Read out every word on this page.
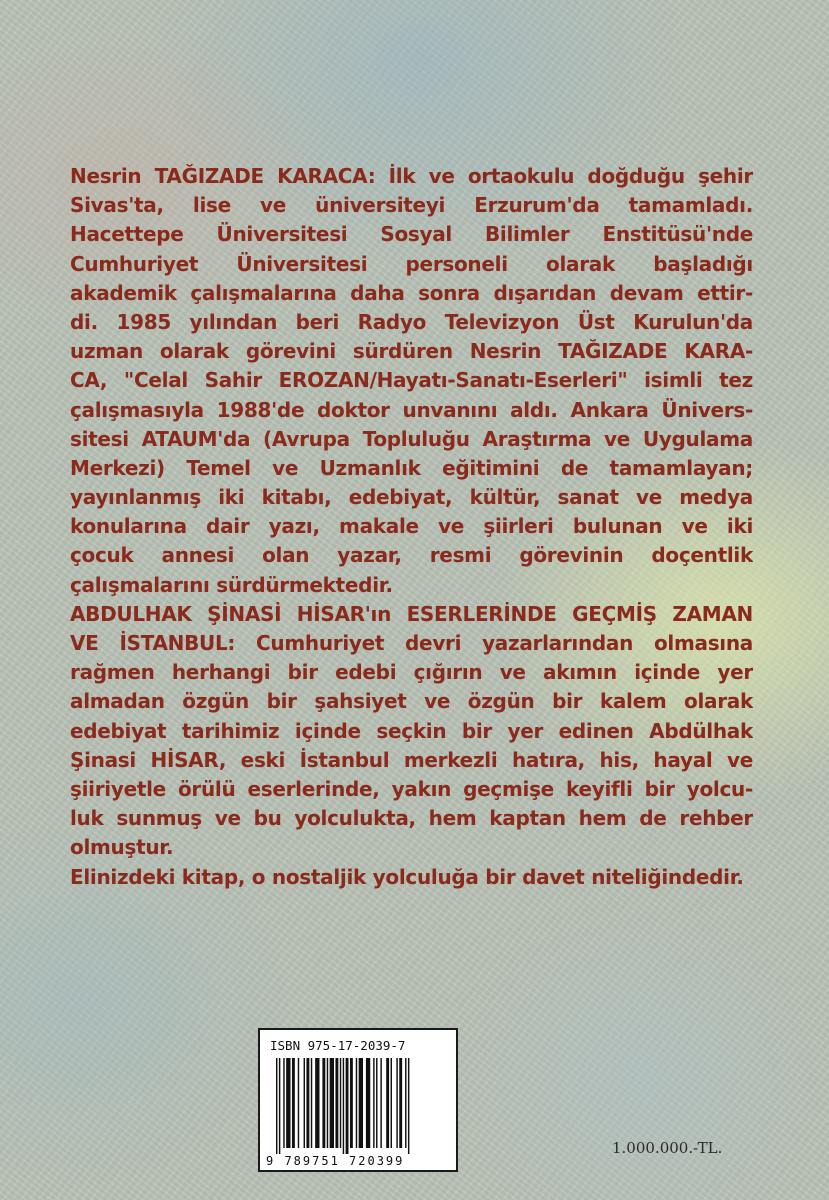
Nesrin TAĞIZADE KARACA: İlk ve ortaokulu doğduğu şehir
Sivas'ta, lise ve üniversiteyi Erzurum'da tamamladı.
Hacettepe Üniversitesi Sosyal Bilimler Enstitüsü'nde
Cumhuriyet Üniversitesi personeli olarak başladığı
akademik çalışmalarına daha sonra dışarıdan devam ettir-
di. 1985 yılından beri Radyo Televizyon Üst Kurulun'da
uzman olarak görevini sürdüren Nesrin TAĞIZADE KARA-
CA, "Celal Sahir EROZAN/Hayatı-Sanatı-Eserleri" isimli tez
çalışmasıyla 1988'de doktor unvanını aldı. Ankara Ünivers-
sitesi ATAUM'da (Avrupa Topluluğu Araştırma ve Uygulama
Merkezi) Temel ve Uzmanlık eğitimini de tamamlayan;
yayınlanmış iki kitabı, edebiyat, kültür, sanat ve medya
konularına dair yazı, makale ve şiirleri bulunan ve iki
çocuk annesi olan yazar, resmi görevinin doçentlik
çalışmalarını sürdürmektedir.
ABDULHAK ŞİNASİ HİSAR'ın ESERLERİNDE GEÇMİŞ ZAMAN
VE İSTANBUL: Cumhuriyet devri yazarlarından olmasına
rağmen herhangi bir edebi çığırın ve akımın içinde yer
almadan özgün bir şahsiyet ve özgün bir kalem olarak
edebiyat tarihimiz içinde seçkin bir yer edinen Abdülhak
Şinasi HİSAR, eski İstanbul merkezli hatıra, his, hayal ve
şiiriyetle örülü eserlerinde, yakın geçmişe keyifli bir yolcu-
luk sunmuş ve bu yolculukta, hem kaptan hem de rehber
olmuştur.
Elinizdeki kitap, o nostaljik yolculuğa bir davet niteliğindedir.
ISBN 975-17-2039-7
9 789751 720399
1.000.000.-TL.
